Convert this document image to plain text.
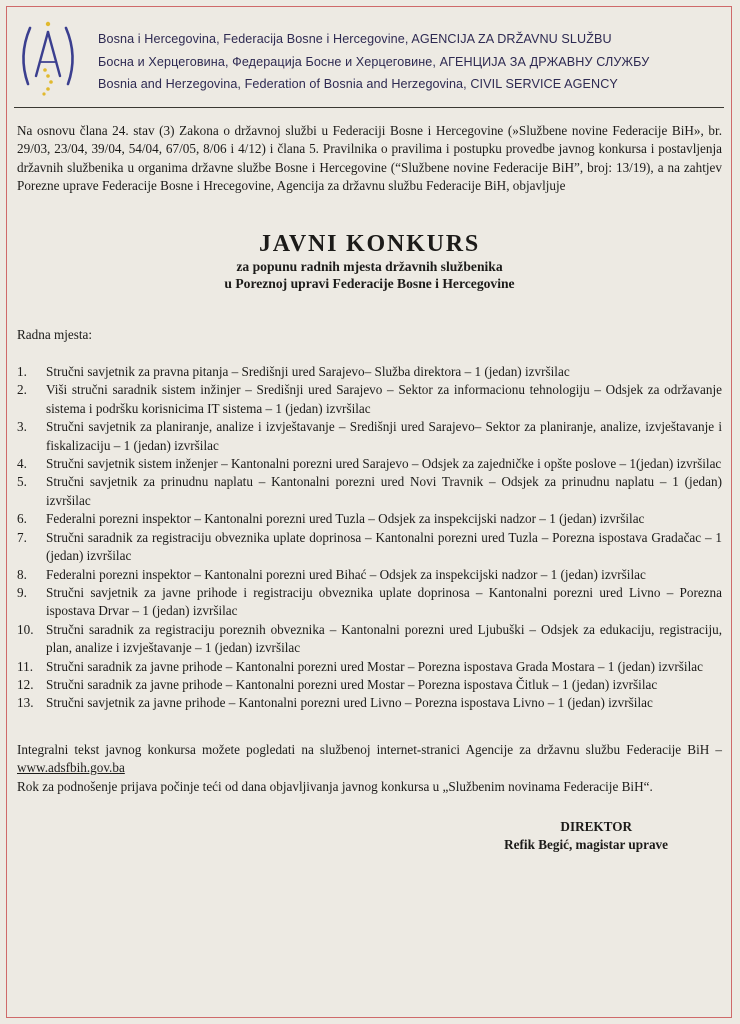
Bosna i Hercegovina, Federacija Bosne i Hercegovine, AGENCIJA ZA DRŽAVNU SLUŽBU
Босна и Херцеговина, Федерација Босне и Херцеговине, АГЕНЦИЈА ЗА ДРЖАВНУ СЛУЖБУ
Bosnia and Herzegovina, Federation of Bosnia and Herzegovina, CIVIL SERVICE AGENCY

Na osnovu člana 24. stav (3) Zakona o državnoj službi u Federaciji Bosne i Hercegovine (»Službene novine Federacije BiH», br. 29/03, 23/04, 39/04, 54/04, 67/05, 8/06 i 4/12) i člana 5. Pravilnika o pravilima i postupku provedbe javnog konkursa i postavljenja državnih službenika u organima državne službe Bosne i Hercegovine (“Službene novine Federacije BiH”, broj: 13/19), a na zahtjev Porezne uprave Federacije Bosne i Hrecegovine, Agencija za državnu službu Federacije BiH, objavljuje

JAVNI KONKURS
za popunu radnih mjesta državnih službenika
u Poreznoj upravi Federacije Bosne i Hercegovine
Radna mjesta:
1. Stručni savjetnik za pravna pitanja – Središnji ured Sarajevo– Služba direktora – 1 (jedan) izvršilac
2. Viši stručni saradnik sistem inžinjer – Središnji ured Sarajevo – Sektor za informacionu tehnologiju – Odsjek za održavanje sistema i podršku korisnicima IT sistema – 1 (jedan) izvršilac
3. Stručni savjetnik za planiranje, analize i izvještavanje – Središnji ured Sarajevo– Sektor za planiranje, analize, izvještavanje i fiskalizaciju – 1 (jedan) izvršilac
4. Stručni savjetnik sistem inženjer – Kantonalni porezni ured Sarajevo – Odsjek za zajedničke i opšte poslove – 1(jedan) izvršilac
5. Stručni savjetnik za prinudnu naplatu – Kantonalni porezni ured Novi Travnik – Odsjek za prinudnu naplatu – 1 (jedan) izvršilac
6. Federalni porezni inspektor – Kantonalni porezni ured Tuzla – Odsjek za inspekcijski nadzor – 1 (jedan) izvršilac
7. Stručni saradnik za registraciju obveznika uplate doprinosa – Kantonalni porezni ured Tuzla – Porezna ispostava Gradačac – 1 (jedan) izvršilac
8. Federalni porezni inspektor – Kantonalni porezni ured Bihać – Odsjek za inspekcijski nadzor – 1 (jedan) izvršilac
9. Stručni savjetnik za javne prihode i registraciju obveznika uplate doprinosa – Kantonalni porezni ured Livno – Porezna ispostava Drvar – 1 (jedan) izvršilac
10. Stručni saradnik za registraciju poreznih obveznika – Kantonalni porezni ured Ljubuški – Odsjek za edukaciju, registraciju, plan, analize i izvještavanje – 1 (jedan) izvršilac
11. Stručni saradnik za javne prihode – Kantonalni porezni ured Mostar – Porezna ispostava Grada Mostara – 1 (jedan) izvršilac
12. Stručni saradnik za javne prihode – Kantonalni porezni ured Mostar – Porezna ispostava Čitluk – 1 (jedan) izvršilac
13. Stručni savjetnik za javne prihode – Kantonalni porezni ured Livno – Porezna ispostava Livno – 1 (jedan) izvršilac
Integralni tekst javnog konkursa možete pogledati na službenoj internet-stranici Agencije za državnu službu Federacije BiH – www.adsfbih.gov.ba
Rok za podnošenje prijava počinje teći od dana objavljivanja javnog konkursa u „Službenim novinama Federacije BiH“.
DIREKTOR
Refik Begić, magistar uprave
